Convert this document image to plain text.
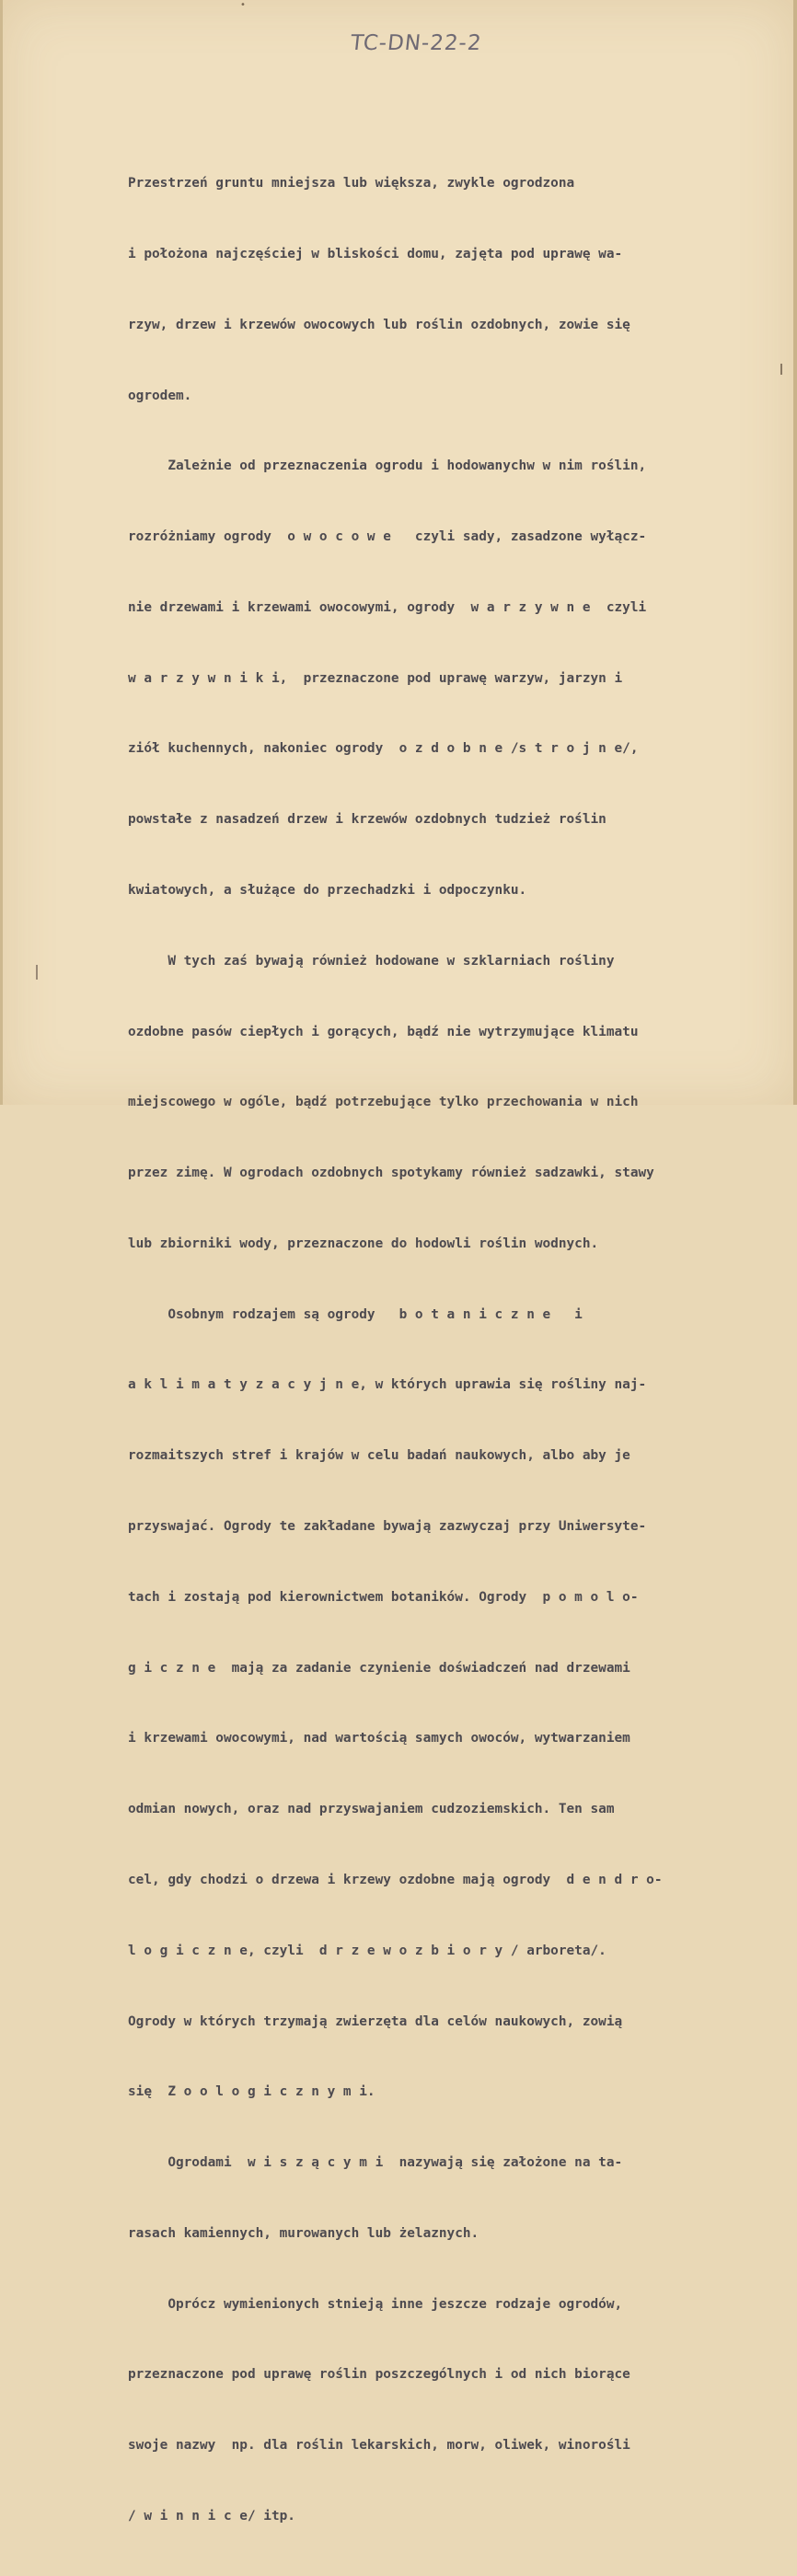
•
TC-DN-22-2

Przestrzeń gruntu mniejsza lub większa, zwykle ogrodzona

i położona najczęściej w bliskości domu, zajęta pod uprawę wa-

rzyw, drzew i krzewów owocowych lub roślin ozdobnych, zowie się

ogrodem.

Zależnie od przeznaczenia ogrodu i hodowanychw w nim roślin,

rozróżniamy ogrody  o w o c o w e   czyli sady, zasadzone wyłącz-

nie drzewami i krzewami owocowymi, ogrody  w a r z y w n e  czyli

w a r z y w n i k i,  przeznaczone pod uprawę warzyw, jarzyn i

ziół kuchennych, nakoniec ogrody  o z d o b n e /s t r o j n e/,

powstałe z nasadzeń drzew i krzewów ozdobnych tudzież roślin

kwiatowych, a służące do przechadzki i odpoczynku.

W tych zaś bywają również hodowane w szklarniach rośliny

ozdobne pasów ciepłych i gorących, bądź nie wytrzymujące klimatu

miejscowego w ogóle, bądź potrzebujące tylko przechowania w nich

przez zimę. W ogrodach ozdobnych spotykamy również sadzawki, stawy

lub zbiorniki wody, przeznaczone do hodowli roślin wodnych.

Osobnym rodzajem są ogrody   b o t a n i c z n e   i

a k l i m a t y z a c y j n e, w których uprawia się rośliny naj-

rozmaitszych stref i krajów w celu badań naukowych, albo aby je

przyswajać. Ogrody te zakładane bywają zazwyczaj przy Uniwersyte-

tach i zostają pod kierownictwem botaników. Ogrody  p o m o l o-

g i c z n e  mają za zadanie czynienie doświadczeń nad drzewami

i krzewami owocowymi, nad wartością samych owoców, wytwarzaniem

odmian nowych, oraz nad przyswajaniem cudzoziemskich. Ten sam

cel, gdy chodzi o drzewa i krzewy ozdobne mają ogrody  d e n d r o-

l o g i c z n e, czyli  d r z e w o z b i o r y / arboreta/.

Ogrody w których trzymają zwierzęta dla celów naukowych, zowią

się  Z o o l o g i c z n y m i.

Ogrodami  w i s z ą c y m i  nazywają się założone na ta-

rasach kamiennych, murowanych lub żelaznych.

Oprócz wymienionych stnieją inne jeszcze rodzaje ogrodów,

przeznaczone pod uprawę roślin poszczególnych i od nich biorące

swoje nazwy  np. dla roślin lekarskich, morw, oliwek, winorośli

/ w i n n i c e/ itp.
